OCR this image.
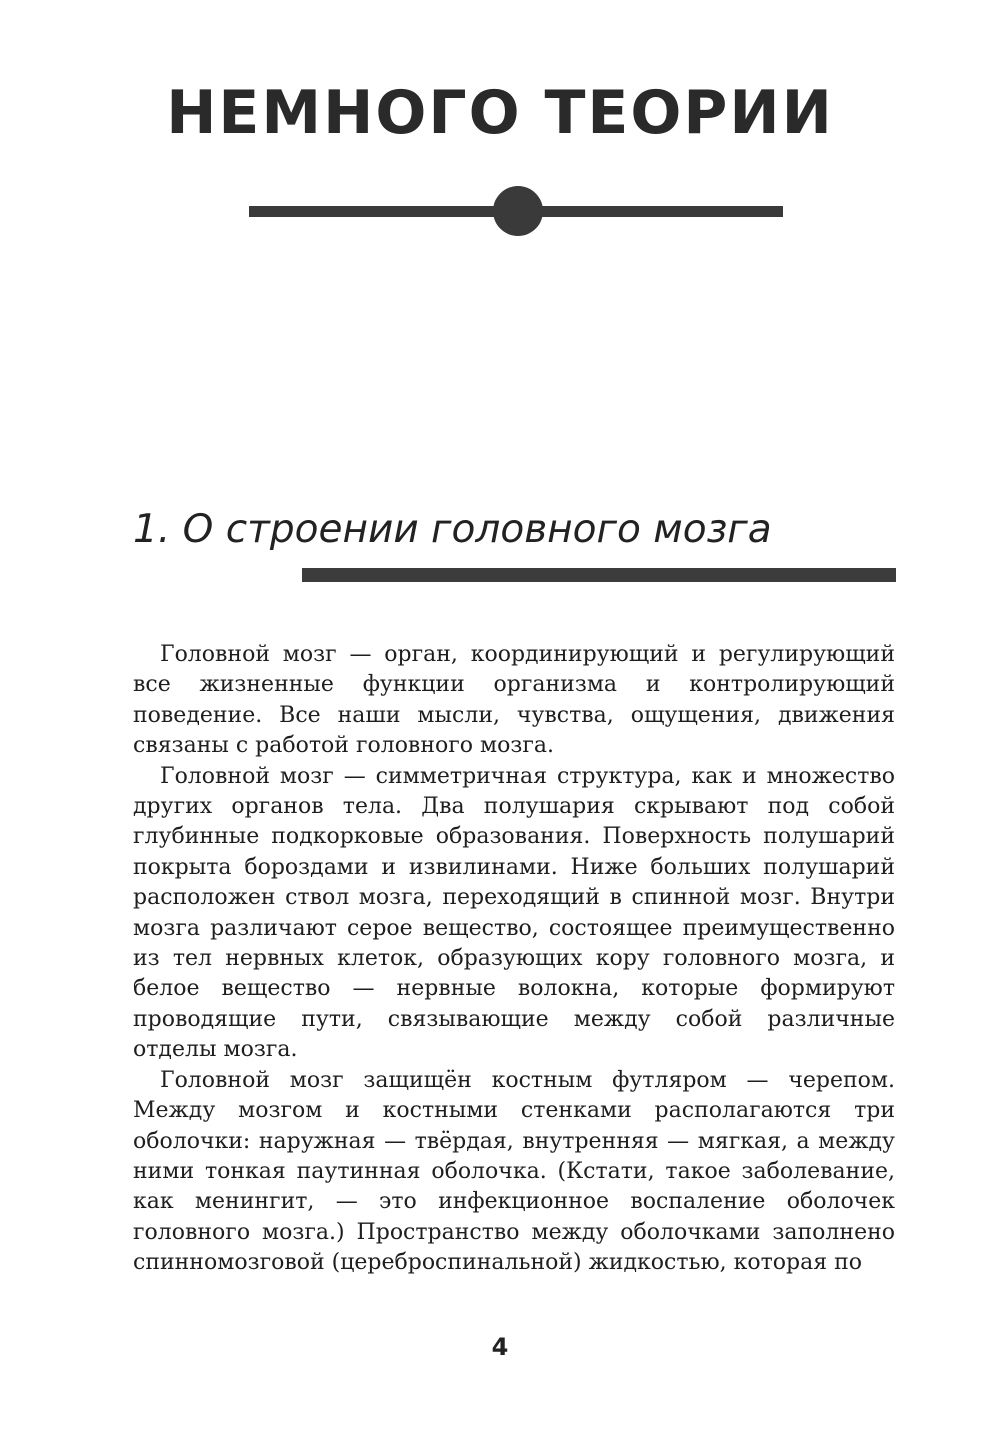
НЕМНОГО ТЕОРИИ
1. О строении головного мозга

Головной мозг — орган, координирующий и регулирующий все жизненные функции организма и контролирующий поведение. Все наши мысли, чувства, ощущения, движения связаны с работой головного мозга.

Головной мозг — симметричная структура, как и множество других органов тела. Два полушария скрывают под собой глубинные подкорковые образования. Поверхность полушарий покрыта бороздами и извилинами. Ниже больших полушарий расположен ствол мозга, переходящий в спинной мозг. Внутри мозга различают серое вещество, состоящее преимущественно из тел нервных клеток, образующих кору головного мозга, и белое вещество — нервные волокна, которые формируют проводящие пути, связывающие между собой различные отделы мозга.

Головной мозг защищён костным футляром — черепом. Между мозгом и костными стенками располагаются три оболочки: наружная — твёрдая, внутренняя — мягкая, а между ними тонкая паутинная оболочка. (Кстати, такое заболевание, как менингит, — это инфекционное воспаление оболочек головного мозга.) Пространство между оболочками заполнено спинномозговой (цереброспинальной) жидкостью, которая по

4
